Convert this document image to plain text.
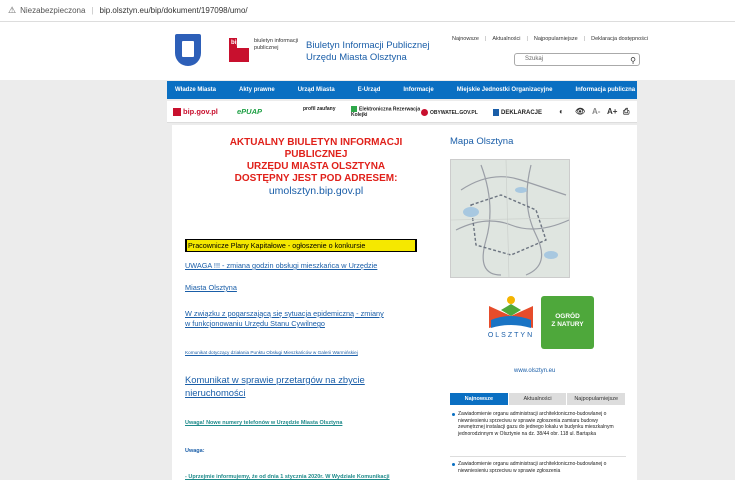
⚠ Niezabezpieczona | bip.olsztyn.eu/bip/dokument/197098/umo/
bip	biuletyn informacji publicznej	Biuletyn Informacji Publicznej
Urzędu Miasta Olsztyna
Najnowsze |	Aktualności |	Najpopularniejsze |	Deklaracja dostępności
Szukaj	⚲
Władze Miasta	Akty prawne	Urząd Miasta	E-Urząd	Informacje	Miejskie Jednostki Organizacyjne	Informacja publiczna
bip.gov.pl	ePUAP	profil zaufany	Elektroniczna Rezerwacja Kolejki	OBYWATEL.GOV.PL	DEKLARACJE ◐ 👁 A- A+ ⎙
AKTUALNY BIULETYN INFORMACJI
PUBLICZNEJ
URZĘDU MIASTA OLSZTYNA
DOSTĘPNY JEST POD ADRESEM:
umolsztyn.bip.gov.pl
Pracownicze Plany Kapitałowe - ogłoszenie o konkursie
UWAGA !!! - zmiana godzin obsługi mieszkańca w Urzędzie
Miasta Olsztyna
W związku z pogarszającą się sytuacja epidemiczną - zmiany
w funkcjonowaniu Urzędu Stanu Cywilnego
Komunikat dotyczący działania Punktu Obsługi Mieszkańców w Galerii Warmińskiej
Komunikat w sprawie przetargów na zbycie
nieruchomości
Uwaga! Nowe numery telefonów w Urzędzie Miasta Olsztyna
Uwaga:
- Uprzejmie informujemy, że od dnia 1 stycznia 2020r. W Wydziale Komunikacji
Mapa Olsztyna
OLSZTYN
OGRÓD
Z NATURY
www.olsztyn.eu
Najnowsze	Aktualności	Najpopularniejsze
Zawiadomienie organu administracji architektoniczno-budowlanej o niewniesieniu sprzeciwu w sprawie zgłoszenia zamiaru budowy zewnętrznej instalacji gazu do jednego lokalu w budynku mieszkalnym jednorodzinnym w Olsztynie na dz. 38/44 obr. 118 ul. Bartąska
Zawiadomienie organu administracji architektoniczno-budowlanej o niewniesieniu sprzeciwu w sprawie zgłoszenia
